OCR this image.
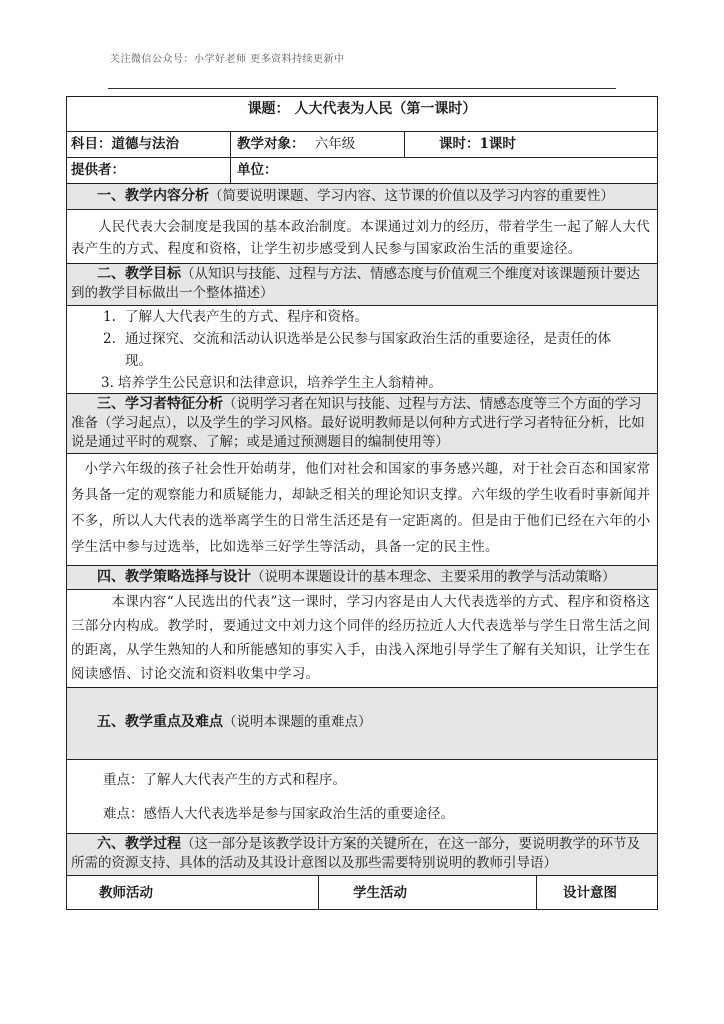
关注微信公众号：小学好老师 更多资料持续更新中
课题： 人大代表为人民（第一课时）
科目：道德与法治	教学对象： 六年级	课时：1课时
提供者：	单位：
一、教学内容分析（简要说明课题、学习内容、这节课的价值以及学习内容的重要性）
人民代表大会制度是我国的基本政治制度。本课通过刘力的经历，带着学生一起了解人大代表产生的方式、程度和资格，让学生初步感受到人民参与国家政治生活的重要途径。
二、教学目标（从知识与技能、过程与方法、情感态度与价值观三个维度对该课题预计要达到的教学目标做出一个整体描述）
1. 了解人大代表产生的方式、程序和资格。
2. 通过探究、交流和活动认识选举是公民参与国家政治生活的重要途径，是责任的体
现。
3. 培养学生公民意识和法律意识，培养学生主人翁精神。
三、学习者特征分析（说明学习者在知识与技能、过程与方法、情感态度等三个方面的学习准备（学习起点），以及学生的学习风格。最好说明教师是以何种方式进行学习者特征分析，比如说是通过平时的观察、了解；或是通过预测题目的编制使用等）
小学六年级的孩子社会性开始萌芽，他们对社会和国家的事务感兴趣，对于社会百态和国家常务具备一定的观察能力和质疑能力，却缺乏相关的理论知识支撑。六年级的学生收看时事新闻并不多，所以人大代表的选举离学生的日常生活还是有一定距离的。但是由于他们已经在六年的小学生活中参与过选举，比如选举三好学生等活动，具备一定的民主性。
四、教学策略选择与设计（说明本课题设计的基本理念、主要采用的教学与活动策略）
本课内容“人民选出的代表”这一课时，学习内容是由人大代表选举的方式、程序和资格这三部分内构成。教学时，要通过文中刘力这个同伴的经历拉近人大代表选举与学生日常生活之间的距离，从学生熟知的人和所能感知的事实入手，由浅入深地引导学生了解有关知识，让学生在阅读感悟、讨论交流和资料收集中学习。
五、教学重点及难点（说明本课题的重难点）
重点：了解人大代表产生的方式和程序。
难点：感悟人大代表选举是参与国家政治生活的重要途径。
六、教学过程（这一部分是该教学设计方案的关键所在，在这一部分，要说明教学的环节及所需的资源支持、具体的活动及其设计意图以及那些需要特别说明的教师引导语）
教师活动	学生活动	设计意图
